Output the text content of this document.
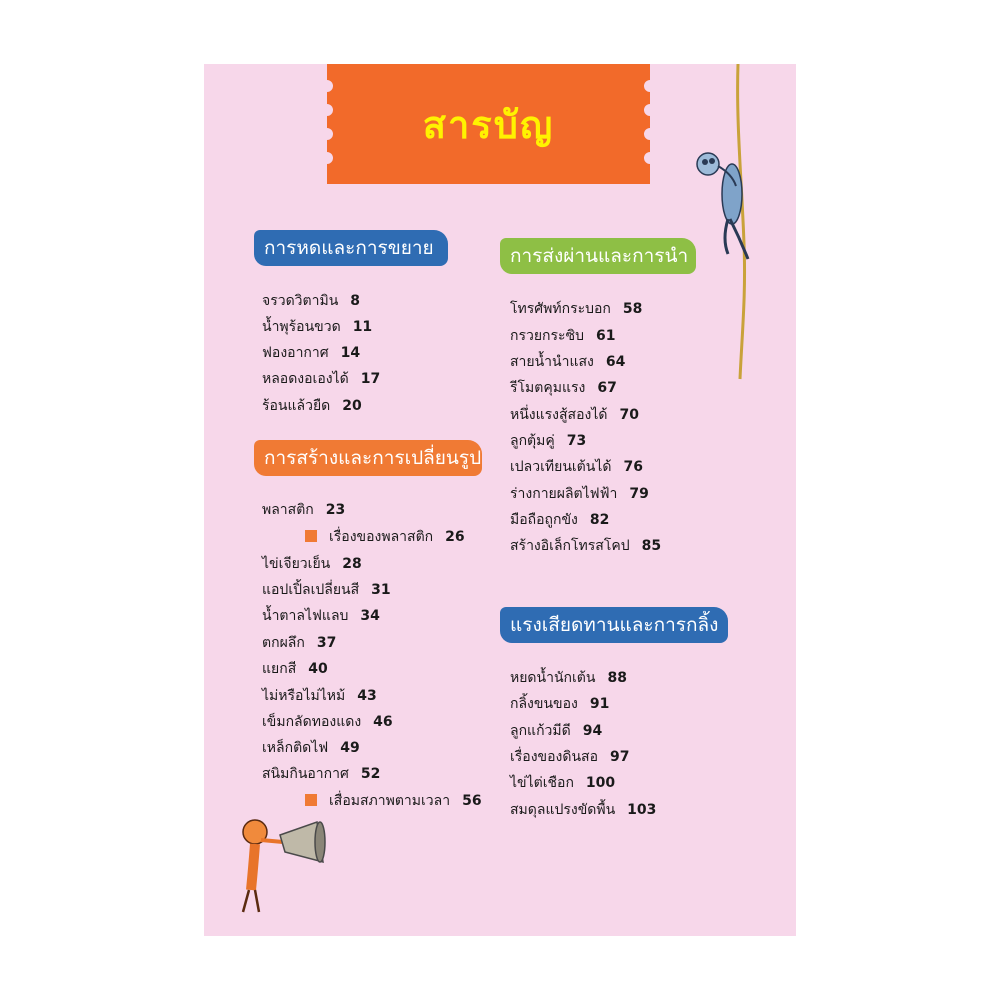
สารบัญ
การหดและการขยาย
จรวดวิตามิน 8
น้ำพุร้อนขวด 11
ฟองอากาศ 14
หลอดงอเองได้ 17
ร้อนแล้วยืด 20
การสร้างและการเปลี่ยนรูป
พลาสติก 23
เรื่องของพลาสติก 26
ไข่เจียวเย็น 28
แอปเปิ้ลเปลี่ยนสี 31
น้ำตาลไฟแลบ 34
ตกผลึก 37
แยกสี 40
ไม่หรือไม่ไหม้ 43
เข็มกลัดทองแดง 46
เหล็กติดไฟ 49
สนิมกินอากาศ 52
เสื่อมสภาพตามเวลา 56
การส่งผ่านและการนำ
โทรศัพท์กระบอก 58
กรวยกระซิบ 61
สายน้ำนำแสง 64
รีโมตคุมแรง 67
หนึ่งแรงสู้สองได้ 70
ลูกตุ้มคู่ 73
เปลวเทียนเต้นได้ 76
ร่างกายผลิตไฟฟ้า 79
มือถือถูกขัง 82
สร้างอิเล็กโทรสโคป 85
แรงเสียดทานและการกลิ้ง
หยดน้ำนักเต้น 88
กลิ้งขนของ 91
ลูกแก้วมีดี 94
เรื่องของดินสอ 97
ไข่ไต่เชือก 100
สมดุลแปรงขัดพื้น 103
